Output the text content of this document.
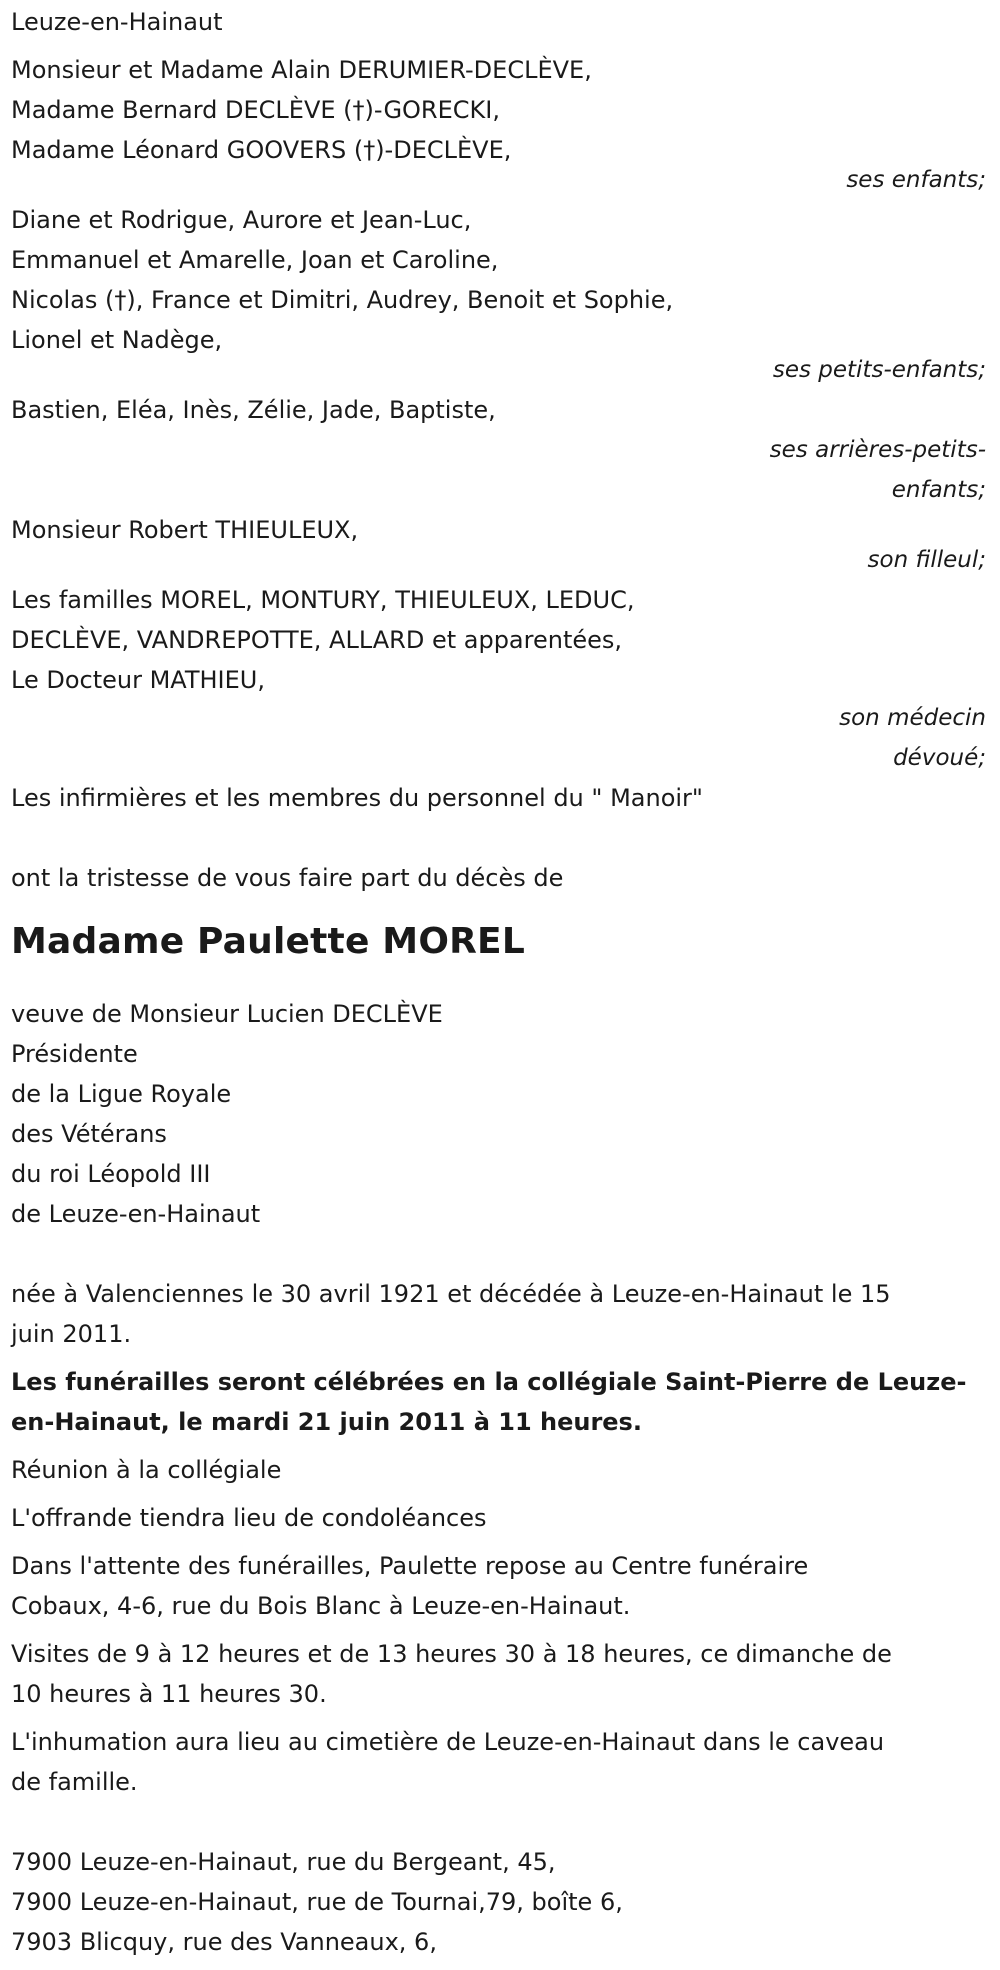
Leuze-en-Hainaut
Monsieur et Madame Alain DERUMIER-DECLÈVE,
Madame Bernard DECLÈVE (†)-GORECKI,
Madame Léonard GOOVERS (†)-DECLÈVE,
ses enfants;
Diane et Rodrigue, Aurore et Jean-Luc,
Emmanuel et Amarelle, Joan et Caroline,
Nicolas (†), France et Dimitri, Audrey, Benoit et Sophie,
Lionel et Nadège,
ses petits-enfants;
Bastien, Eléa, Inès, Zélie, Jade, Baptiste,
ses arrières-petits-
enfants;
Monsieur Robert THIEULEUX,
son filleul;
Les familles MOREL, MONTURY, THIEULEUX, LEDUC,
DECLÈVE, VANDREPOTTE, ALLARD et apparentées,
Le Docteur MATHIEU,
son médecin
dévoué;
Les infirmières et les membres du personnel du " Manoir"
ont la tristesse de vous faire part du décès de
Madame Paulette MOREL
veuve de Monsieur Lucien DECLÈVE
Présidente
de la Ligue Royale
des Vétérans
du roi Léopold III
de Leuze-en-Hainaut
née à Valenciennes le 30 avril 1921 et décédée à Leuze-en-Hainaut le 15
juin 2011.
Les funérailles seront célébrées en la collégiale Saint-Pierre de Leuze-
en-Hainaut, le mardi 21 juin 2011 à 11 heures.
Réunion à la collégiale
L'offrande tiendra lieu de condoléances
Dans l'attente des funérailles, Paulette repose au Centre funéraire
Cobaux, 4-6, rue du Bois Blanc à Leuze-en-Hainaut.
Visites de 9 à 12 heures et de 13 heures 30 à 18 heures, ce dimanche de
10 heures à 11 heures 30.
L'inhumation aura lieu au cimetière de Leuze-en-Hainaut dans le caveau
de famille.
7900 Leuze-en-Hainaut, rue du Bergeant, 45,
7900 Leuze-en-Hainaut, rue de Tournai,79, boîte 6,
7903 Blicquy, rue des Vanneaux, 6,
